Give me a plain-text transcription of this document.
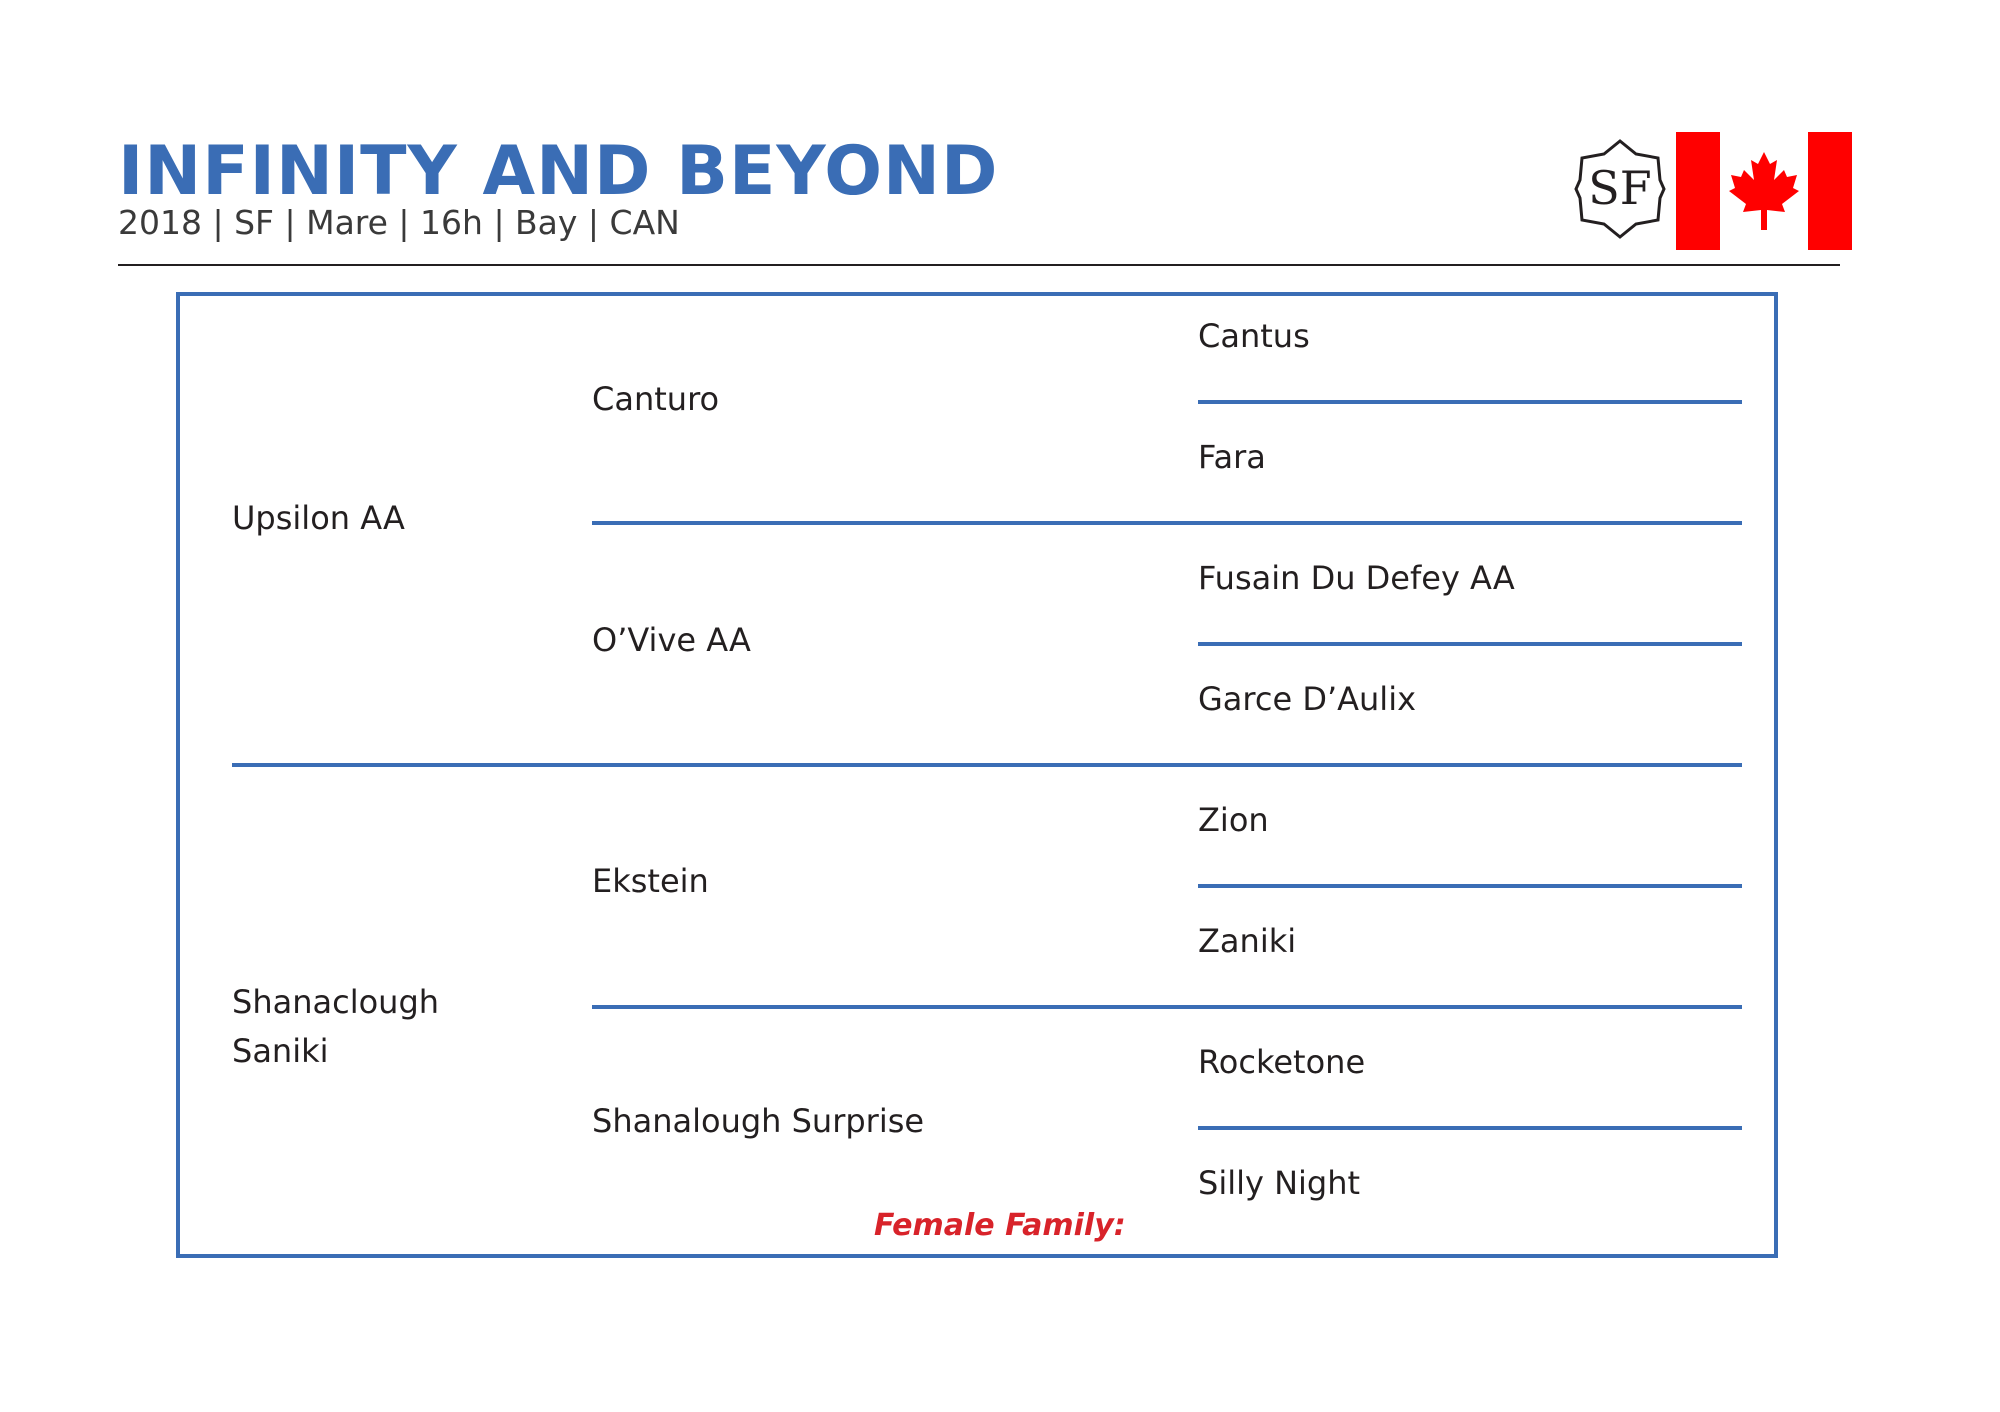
INFINITY AND BEYOND
2018 | SF | Mare | 16h | Bay | CAN
SF
Upsilon AA
Shanaclough
Saniki
Canturo
O’Vive AA
Ekstein
Shanalough Surprise
Cantus
Fara
Fusain Du Defey AA
Garce D’Aulix
Zion
Zaniki
Rocketone
Silly Night
Female Family:
